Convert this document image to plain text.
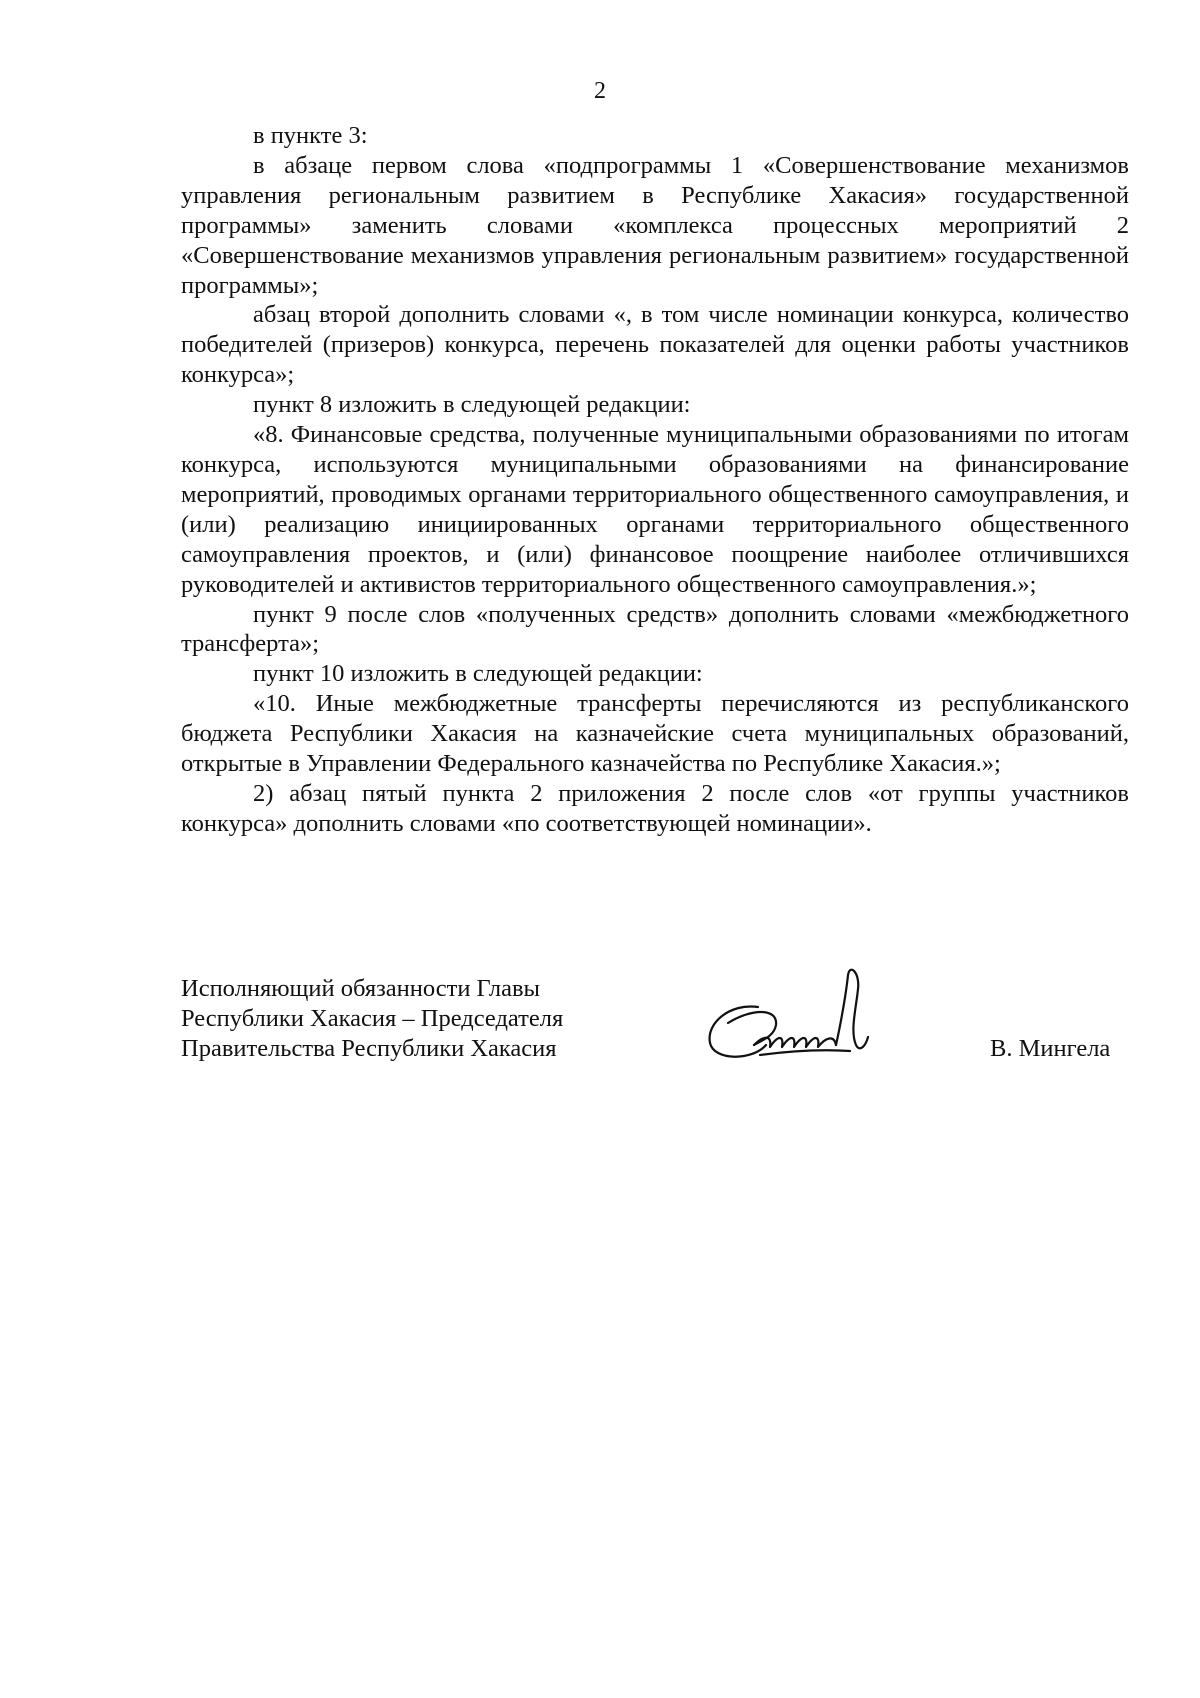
2

в пункте 3:

в абзаце первом слова «подпрограммы 1 «Совершенствование механизмов управления региональным развитием в Республике Хакасия» государственной программы» заменить словами «комплекса процессных мероприятий 2 «Совершенствование механизмов управления региональным развитием» государственной программы»;

абзац второй дополнить словами «, в том числе номинации конкурса, количество победителей (призеров) конкурса, перечень показателей для оценки работы участников конкурса»;

пункт 8 изложить в следующей редакции:

«8. Финансовые средства, полученные муниципальными образованиями по итогам конкурса, используются муниципальными образованиями на финансирование мероприятий, проводимых органами территориального общественного самоуправления, и (или) реализацию инициированных органами территориального общественного самоуправления проектов, и (или) финансовое поощрение наиболее отличившихся руководителей и активистов территориального общественного самоуправления.»;

пункт 9 после слов «полученных средств» дополнить словами «межбюджетного трансферта»;

пункт 10 изложить в следующей редакции:

«10. Иные межбюджетные трансферты перечисляются из республиканского бюджета Республики Хакасия на казначейские счета муниципальных образований, открытые в Управлении Федерального казначейства по Республике Хакасия.»;

2) абзац пятый пункта 2 приложения 2 после слов «от группы участников конкурса» дополнить словами «по соответствующей номинации».

Исполняющий обязанности Главы
Республики Хакасия – Председателя
Правительства Республики Хакасия	В. Мингела
